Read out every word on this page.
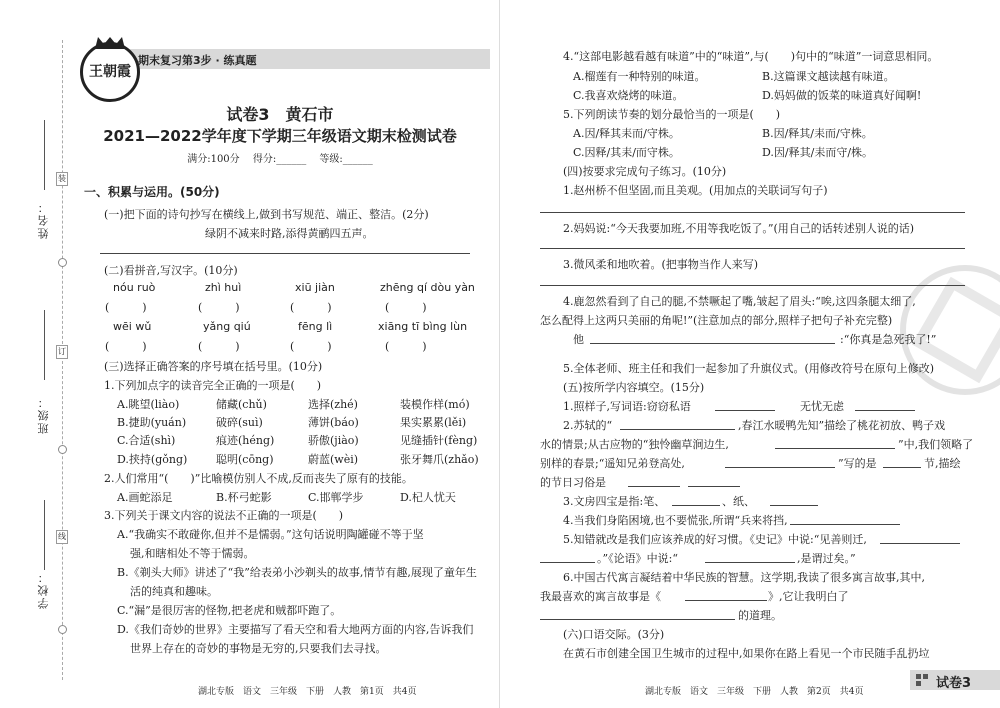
姓名：
班级：
学校：
装
订
线
期末复习第3步 · 练真题
王朝霞
试卷3　黄石市
2021—2022学年度下学期三年级语文期末检测试卷
满分:100分　 得分:______　 等级:______
一、积累与运用。(50分)
(一)把下面的诗句抄写在横线上,做到书写规范、端正、整洁。(2分)
绿阴不减来时路,添得黄鹂四五声。
(二)看拼音,写汉字。(10分)
nóu ruò	zhì huì	xiū jiàn	zhēng qí dòu yàn
(　　　)	(　　　)	(　　　)	(　　　)
wēi wǔ	yǎng qiú	fēng lì	xiāng tī bìng lùn
(　　　)	(　　　)	(　　　)	(　　　)
(三)选择正确答案的序号填在括号里。(10分)
1.下列加点字的读音完全正确的一项是(　　)
A.眺望(liào)	储藏(chǔ)	选择(zhé)	装模作样(mó)
B.捷助(yuán)	破碎(suì)	薄饼(báo)	果实累累(lěi)
C.合适(shì)	痕迹(héng)	骄傲(jiào)	见缝插针(fèng)
D.挟持(gǒng)	聪明(cōng)	蔚蓝(wèi)	张牙舞爪(zhǎo)
2.人们常用“(　　)”比喻模仿别人不成,反而丧失了原有的技能。
A.画蛇添足	B.杯弓蛇影	C.邯郸学步	D.杞人忧天
3.下列关于课文内容的说法不正确的一项是(　　)
A.“我确实不敢碰你,但并不是懦弱。”这句话说明陶罐碰不等于坚
强,和瞎相处不等于懦弱。
B.《剃头大师》讲述了“我”给表弟小沙剃头的故事,情节有趣,展现了童年生
活的纯真和趣味。
C.“漏”是很厉害的怪物,把老虎和贼都吓跑了。
D.《我们奇妙的世界》主要描写了看天空和看大地两方面的内容,告诉我们
世界上存在的奇妙的事物是无穷的,只要我们去寻找。
湖北专版　语文　三年级　下册　人教　第1页　共4页
4.“这部电影越看越有味道”中的“味道”,与(　　)句中的“味道”一词意思相同。
A.榴莲有一种特别的味道。	B.这篇课文越读越有味道。
C.我喜欢烧烤的味道。	D.妈妈做的饭菜的味道真好闻啊!
5.下列朗读节奏的划分最恰当的一项是(　　)
A.因/释其耒而/守株。	B.因/释其/耒而/守株。
C.因释/其耒/而守株。	D.因/释其/耒而守/株。
(四)按要求完成句子练习。(10分)
1.赵州桥不但坚固,而且美观。(用加点的关联词写句子)
2.妈妈说:“今天我要加班,不用等我吃饭了。”(用自己的话转述别人说的话)
3.微风柔和地吹着。(把事物当作人来写)
4.鹿忽然看到了自己的腿,不禁噘起了嘴,皱起了眉头:“唉,这四条腿太细了,
怎么配得上这两只美丽的角呢!”(注意加点的部分,照样子把句子补充完整)
他	:“你真是急死我了!”
5.全体老师、班主任和我们一起参加了升旗仪式。(用修改符号在原句上修改)
(五)按所学内容填空。(15分)
1.照样子,写词语:窃窃私语	无忧无虑
2.苏轼的“	,春江水暖鸭先知”描绘了桃花初放、鸭子戏
水的情景;从古应物的“独怜幽草涧边生,	”中,我们领略了
别样的春景;“遥知兄弟登高处,	”写的是	节,描绘
的节日习俗是
3.文房四宝是指:笔、	、纸、
4.当我们身陷困境,也不要慌张,所谓“兵来将挡,
5.知错就改是我们应该养成的好习惯。《史记》中说:“见善则迁,
。”《论语》中说:“	,是谓过矣。”
6.中国古代寓言凝结着中华民族的智慧。这学期,我读了很多寓言故事,其中,
我最喜欢的寓言故事是《	》,它让我明白了
的道理。
(六)口语交际。(3分)
在黄石市创建全国卫生城市的过程中,如果你在路上看见一个市民随手乱扔垃
湖北专版　语文　三年级　下册　人教　第2页　共4页
试卷3
